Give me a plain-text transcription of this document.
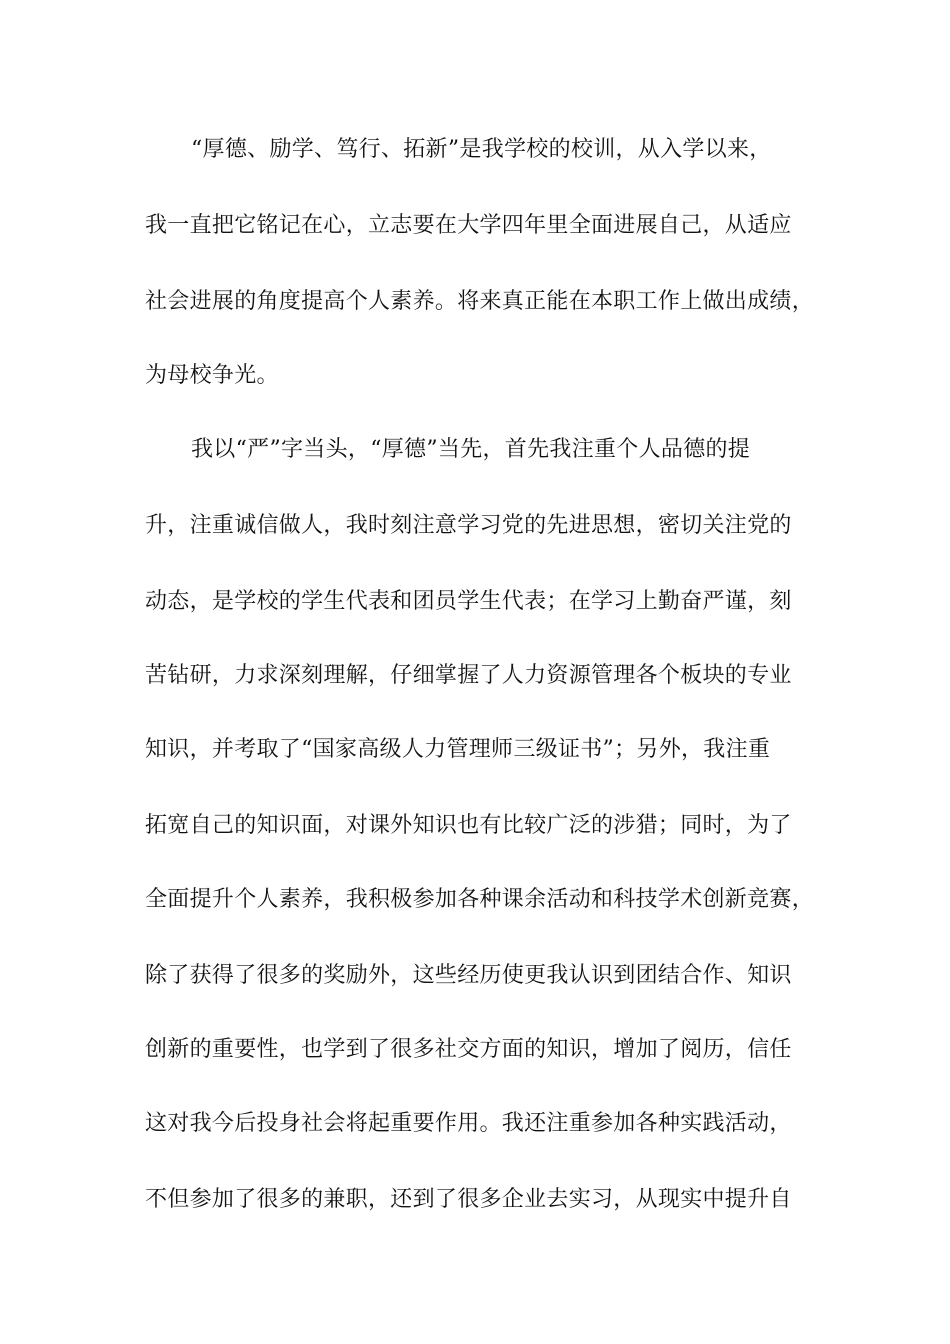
“厚德、励学、笃行、拓新”是我学校的校训，从入学以来，
我一直把它铭记在心，立志要在大学四年里全面进展自己，从适应
社会进展的角度提高个人素养。将来真正能在本职工作上做出成绩，
为母校争光。
我以“严”字当头，“厚德”当先，首先我注重个人品德的提
升，注重诚信做人，我时刻注意学习党的先进思想，密切关注党的
动态，是学校的学生代表和团员学生代表；在学习上勤奋严谨，刻
苦钻研，力求深刻理解，仔细掌握了人力资源管理各个板块的专业
知识，并考取了“国家高级人力管理师三级证书”；另外，我注重
拓宽自己的知识面，对课外知识也有比较广泛的涉猎；同时，为了
全面提升个人素养，我积极参加各种课余活动和科技学术创新竞赛，
除了获得了很多的奖励外，这些经历使更我认识到团结合作、知识
创新的重要性，也学到了很多社交方面的知识，增加了阅历，信任
这对我今后投身社会将起重要作用。我还注重参加各种实践活动，
不但参加了很多的兼职，还到了很多企业去实习，从现实中提升自
